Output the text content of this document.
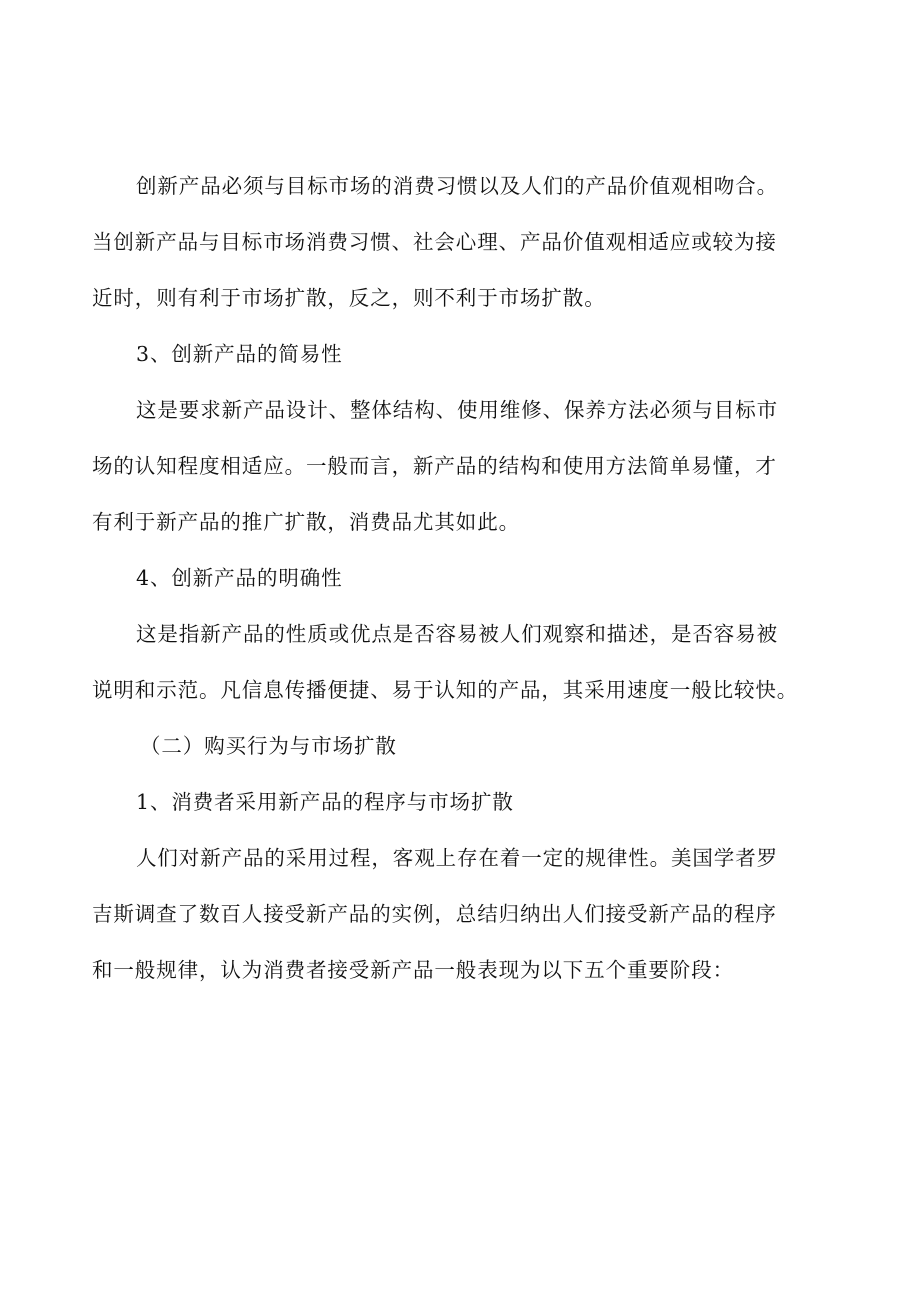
创新产品必须与目标市场的消费习惯以及人们的产品价值观相吻合。
当创新产品与目标市场消费习惯、社会心理、产品价值观相适应或较为接
近时，则有利于市场扩散，反之，则不利于市场扩散。
3、创新产品的简易性
这是要求新产品设计、整体结构、使用维修、保养方法必须与目标市
场的认知程度相适应。一般而言，新产品的结构和使用方法简单易懂，才
有利于新产品的推广扩散，消费品尤其如此。
4、创新产品的明确性
这是指新产品的性质或优点是否容易被人们观察和描述，是否容易被
说明和示范。凡信息传播便捷、易于认知的产品，其采用速度一般比较快。
（二）购买行为与市场扩散
1、消费者采用新产品的程序与市场扩散
人们对新产品的采用过程，客观上存在着一定的规律性。美国学者罗
吉斯调查了数百人接受新产品的实例，总结归纳出人们接受新产品的程序
和一般规律，认为消费者接受新产品一般表现为以下五个重要阶段：
